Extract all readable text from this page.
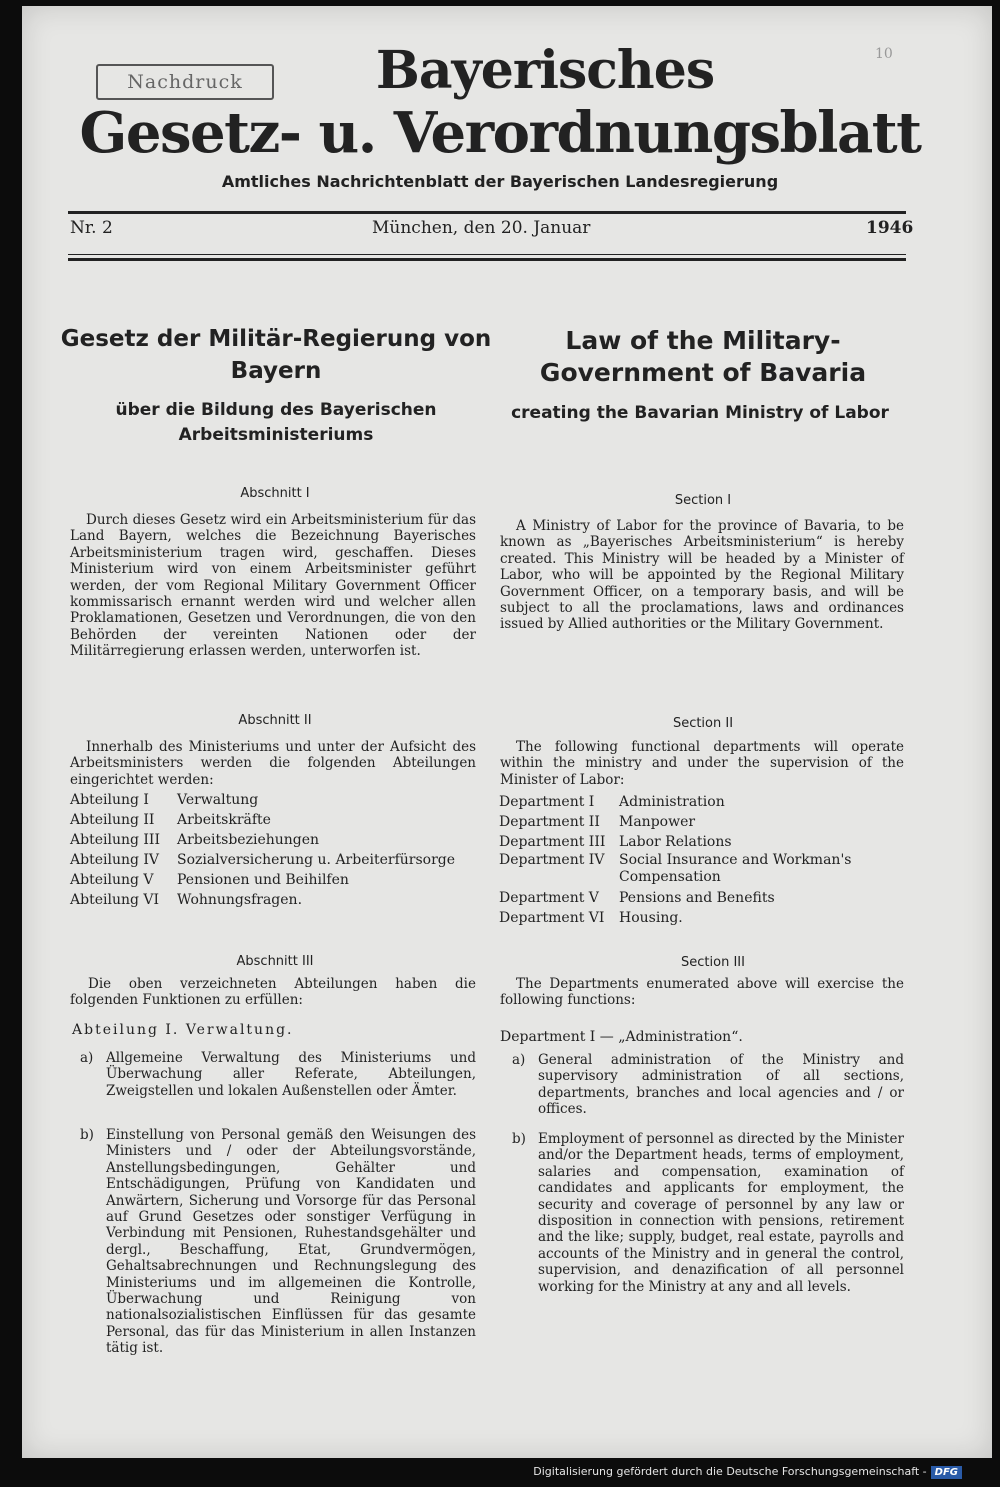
Nachdruck
10
Bayerisches
Gesetz- u. Verordnungsblatt
Amtliches Nachrichtenblatt der Bayerischen Landesregierung
Nr. 2	München, den 20. Januar	1946
Gesetz der Militär-Regierung von Bayern
über die Bildung des Bayerischen Arbeitsministeriums
Abschnitt I
Durch dieses Gesetz wird ein Arbeitsministerium für das Land Bayern, welches die Bezeichnung Bayerisches Arbeitsministerium tragen wird, geschaffen. Dieses Ministerium wird von einem Arbeitsminister geführt werden, der vom Regional Military Government Officer kommissarisch ernannt werden wird und welcher allen Proklamationen, Gesetzen und Verordnungen, die von den Behörden der vereinten Nationen oder der Militärregierung erlassen werden, unterworfen ist.
Abschnitt II
Innerhalb des Ministeriums und unter der Aufsicht des Arbeitsministers werden die folgenden Abteilungen eingerichtet werden:
Abteilung I	Verwaltung
Abteilung II	Arbeitskräfte
Abteilung III	Arbeitsbeziehungen
Abteilung IV	Sozialversicherung u. Arbeiterfürsorge
Abteilung V	Pensionen und Beihilfen
Abteilung VI	Wohnungsfragen.
Abschnitt III
Die oben verzeichneten Abteilungen haben die folgenden Funktionen zu erfüllen:
Abteilung I. Verwaltung.
a) Allgemeine Verwaltung des Ministeriums und Überwachung aller Referate, Abteilungen, Zweigstellen und lokalen Außenstellen oder Ämter.
b) Einstellung von Personal gemäß den Weisungen des Ministers und / oder der Abteilungsvorstände, Anstellungsbedingungen, Gehälter und Entschädigungen, Prüfung von Kandidaten und Anwärtern, Sicherung und Vorsorge für das Personal auf Grund Gesetzes oder sonstiger Verfügung in Verbindung mit Pensionen, Ruhestandsgehälter und dergl., Beschaffung, Etat, Grundvermögen, Gehaltsabrechnungen und Rechnungslegung des Ministeriums und im allgemeinen die Kontrolle, Überwachung und Reinigung von nationalsozialistischen Einflüssen für das gesamte Personal, das für das Ministerium in allen Instanzen tätig ist.
Law of the Military-Government of Bavaria
creating the Bavarian Ministry of Labor
Section I
A Ministry of Labor for the province of Bavaria, to be known as „Bayerisches Arbeitsministerium“ is hereby created. This Ministry will be headed by a Minister of Labor, who will be appointed by the Regional Military Government Officer, on a temporary basis, and will be subject to all the proclamations, laws and ordinances issued by Allied authorities or the Military Government.
Section II
The following functional departments will operate within the ministry and under the supervision of the Minister of Labor:
Department I	Administration
Department II	Manpower
Department III Labor Relations
Department IV	Social Insurance and Workman's Compensation
Department V	Pensions and Benefits
Department VI	Housing.
Section III
The Departments enumerated above will exercise the following functions:
Department I — „Administration“.
a) General administration of the Ministry and supervisory administration of all sections, departments, branches and local agencies and / or offices.
b) Employment of personnel as directed by the Minister and/or the Department heads, terms of employment, salaries and compensation, examination of candidates and applicants for employment, the security and coverage of personnel by any law or disposition in connection with pensions, retirement and the like; supply, budget, real estate, payrolls and accounts of the Ministry and in general the control, supervision, and denazification of all personnel working for the Ministry at any and all levels.
Digitalisierung gefördert durch die Deutsche Forschungsgemeinschaft - DFG
